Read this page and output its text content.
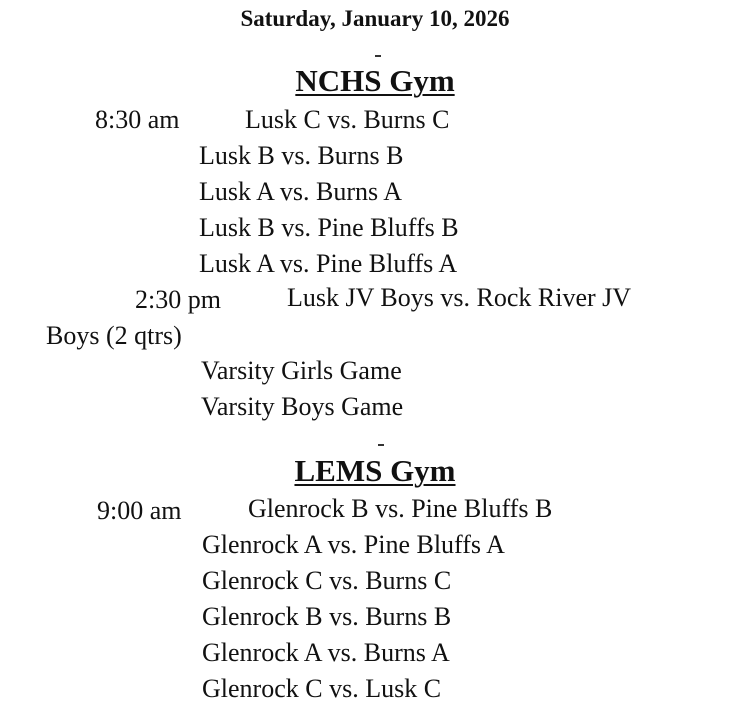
Saturday, January 10, 2026
NCHS Gym
8:30 am	Lusk C vs. Burns C
Lusk B vs. Burns B
Lusk A vs. Burns A
Lusk B vs. Pine Bluffs B
Lusk A vs. Pine Bluffs A
2:30 pm	Lusk JV Boys vs. Rock River JV
Boys (2 qtrs)
Varsity Girls Game
Varsity Boys Game
LEMS Gym
9:00 am	Glenrock B vs. Pine Bluffs B
Glenrock A vs. Pine Bluffs A
Glenrock C vs. Burns C
Glenrock B vs. Burns B
Glenrock A vs. Burns A
Glenrock C vs. Lusk C
